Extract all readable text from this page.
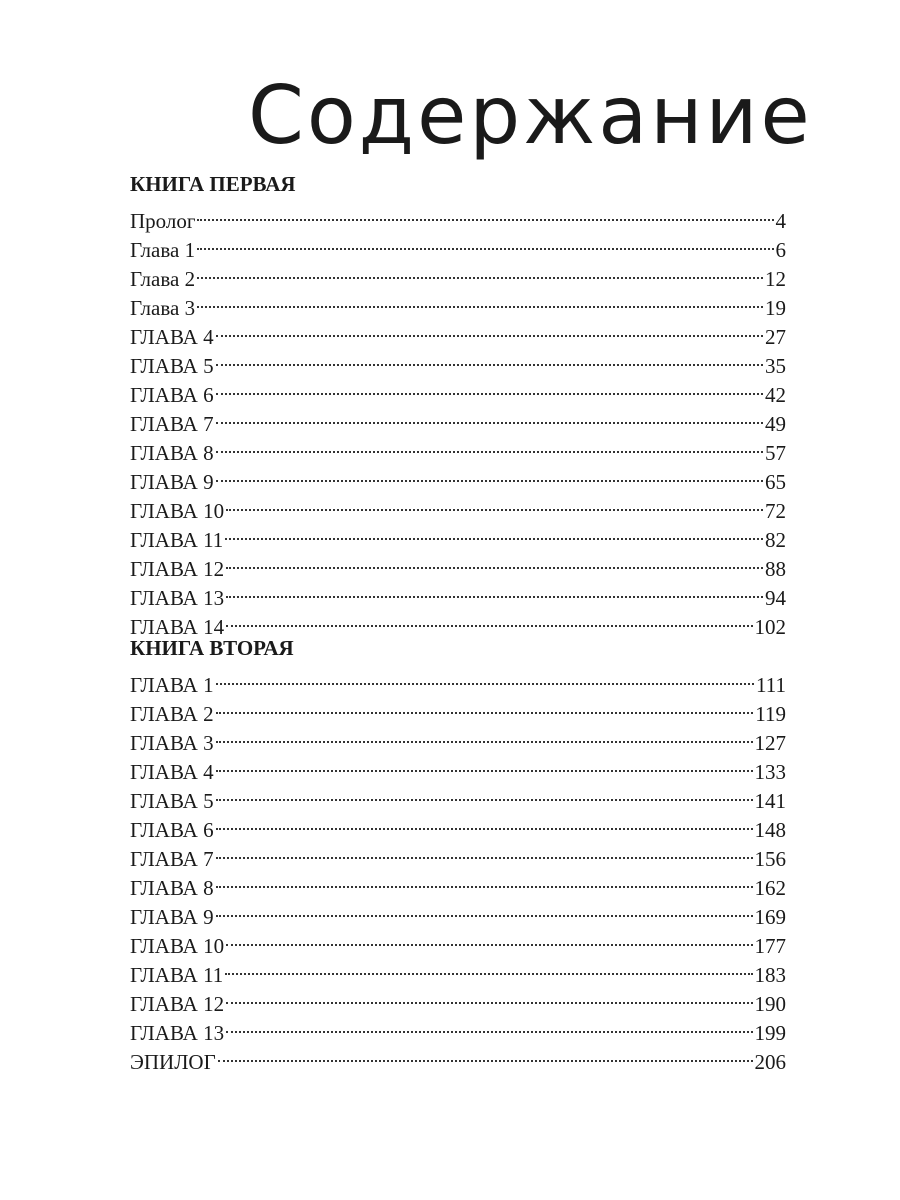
Содержание
КНИГА ПЕРВАЯ
Пролог	4
Глава 1	6
Глава 2	12
Глава 3	19
ГЛАВА 4	27
ГЛАВА 5	35
ГЛАВА 6	42
ГЛАВА 7	49
ГЛАВА 8	57
ГЛАВА 9	65
ГЛАВА 10	72
ГЛАВА 11	82
ГЛАВА 12	88
ГЛАВА 13	94
ГЛАВА 14	102
КНИГА ВТОРАЯ
ГЛАВА 1	111
ГЛАВА 2	119
ГЛАВА 3	127
ГЛАВА 4	133
ГЛАВА 5	141
ГЛАВА 6	148
ГЛАВА 7	156
ГЛАВА 8	162
ГЛАВА 9	169
ГЛАВА 10	177
ГЛАВА 11	183
ГЛАВА 12	190
ГЛАВА 13	199
ЭПИЛОГ	206
